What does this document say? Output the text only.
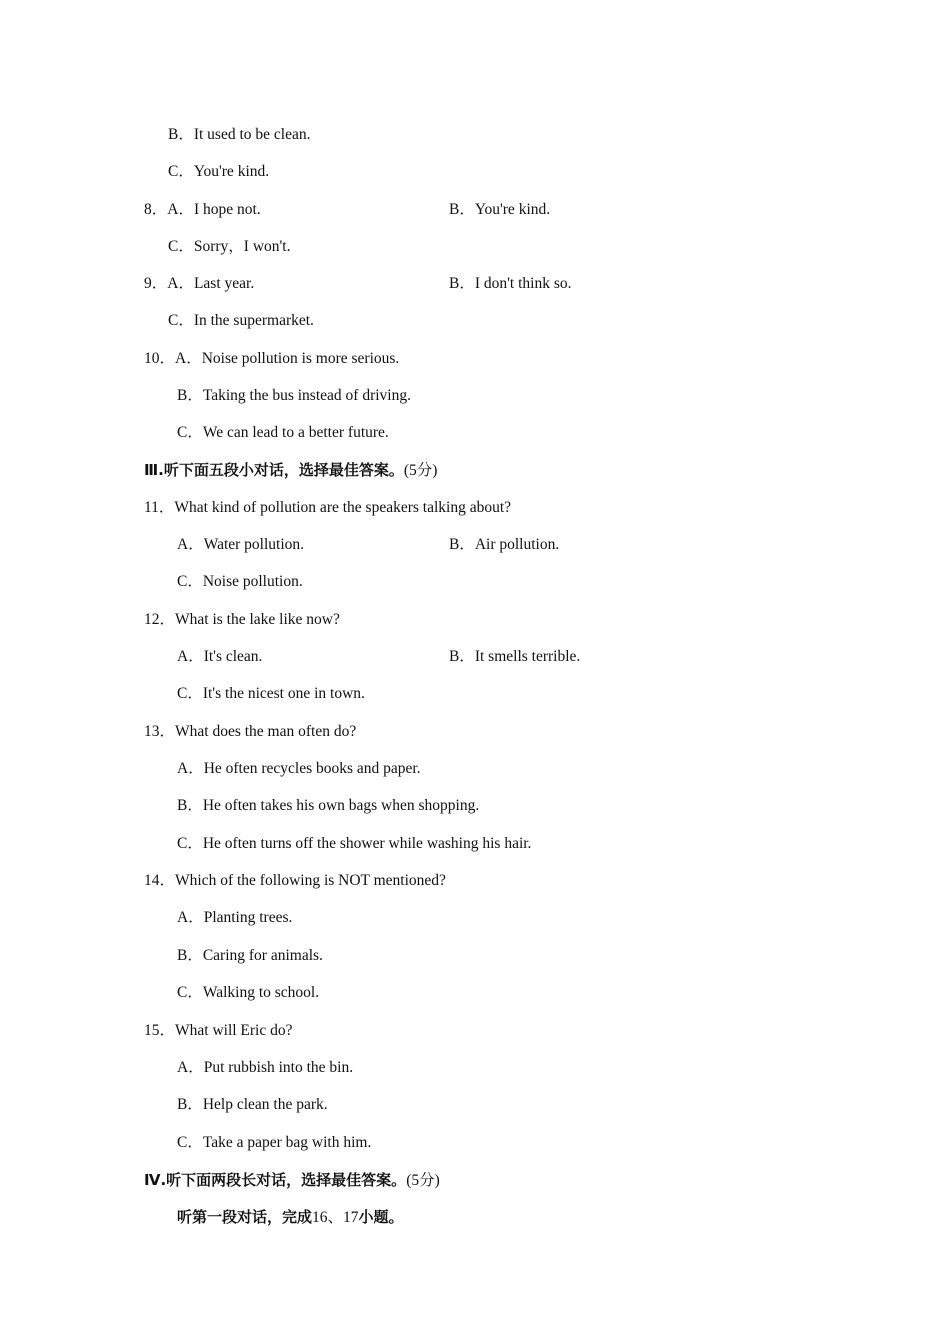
B．It used to be clean.
C．You're kind.
8．A．I hope not.	B．You're kind.
C．Sorry，I won't.
9．A．Last year.	B．I don't think so.
C．In the supermarket.
10．A．Noise pollution is more serious.
B．Taking the bus instead of driving.
C．We can lead to a better future.
Ⅲ.听下面五段小对话，选择最佳答案。(5分)
11．What kind of pollution are the speakers talking about?
A．Water pollution.	B．Air pollution.
C．Noise pollution.
12．What is the lake like now?
A．It's clean.	B．It smells terrible.
C．It's the nicest one in town.
13．What does the man often do?
A．He often recycles books and paper.
B．He often takes his own bags when shopping.
C．He often turns off the shower while washing his hair.
14．Which of the following is NOT mentioned?
A．Planting trees.
B．Caring for animals.
C．Walking to school.
15．What will Eric do?
A．Put rubbish into the bin.
B．Help clean the park.
C．Take a paper bag with him.
Ⅳ.听下面两段长对话，选择最佳答案。(5分)
听第一段对话，完成16、17小题。
